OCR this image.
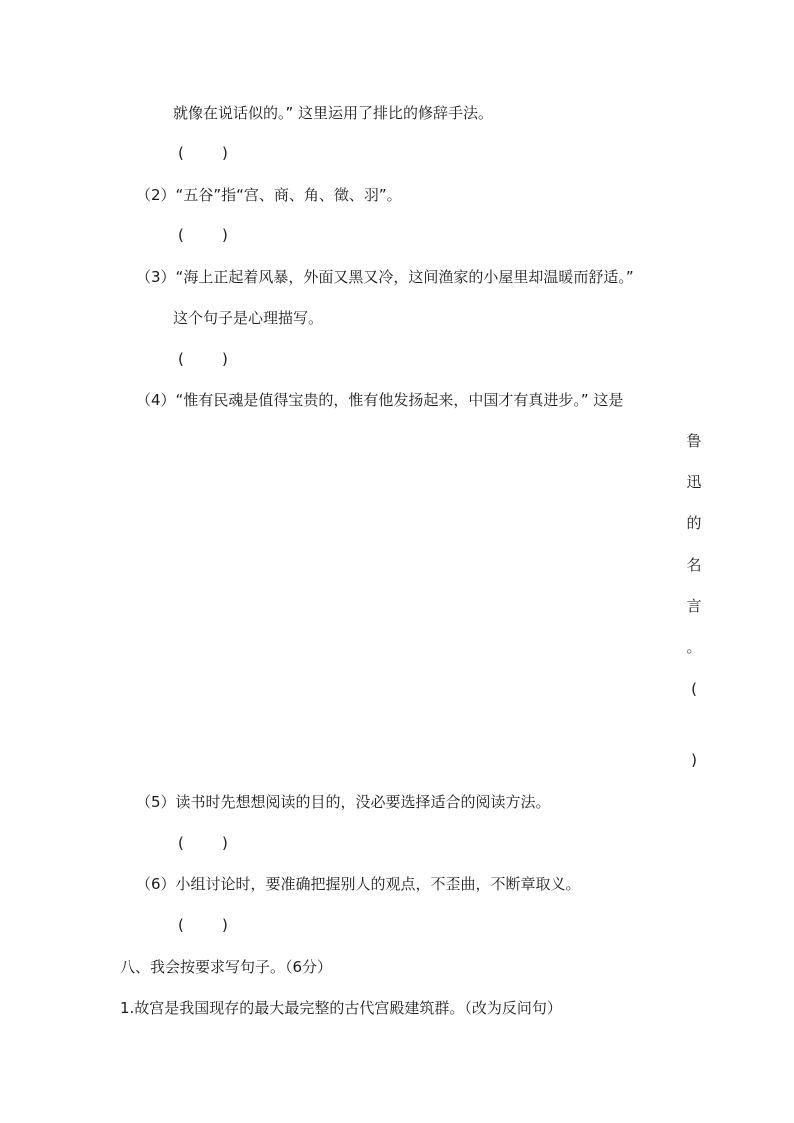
就像在说话似的。” 这里运用了排比的修辞手法。
(        )
（2）“五谷”指“宫、商、角、徵、羽”。
(        )
（3）“海上正起着风暴，外面又黑又冷，这间渔家的小屋里却温暖而舒适。”
这个句子是心理描写。
(        )
（4）“惟有民魂是值得宝贵的，惟有他发扬起来，中国才有真进步。” 这是
鲁
迅
的
名
言
。
(
)
（5）读书时先想想阅读的目的，没必要选择适合的阅读方法。
(        )
（6）小组讨论时，要准确把握别人的观点，不歪曲，不断章取义。
(        )
八、我会按要求写句子。（6分）
1.故宫是我国现存的最大最完整的古代宫殿建筑群。（改为反问句）
